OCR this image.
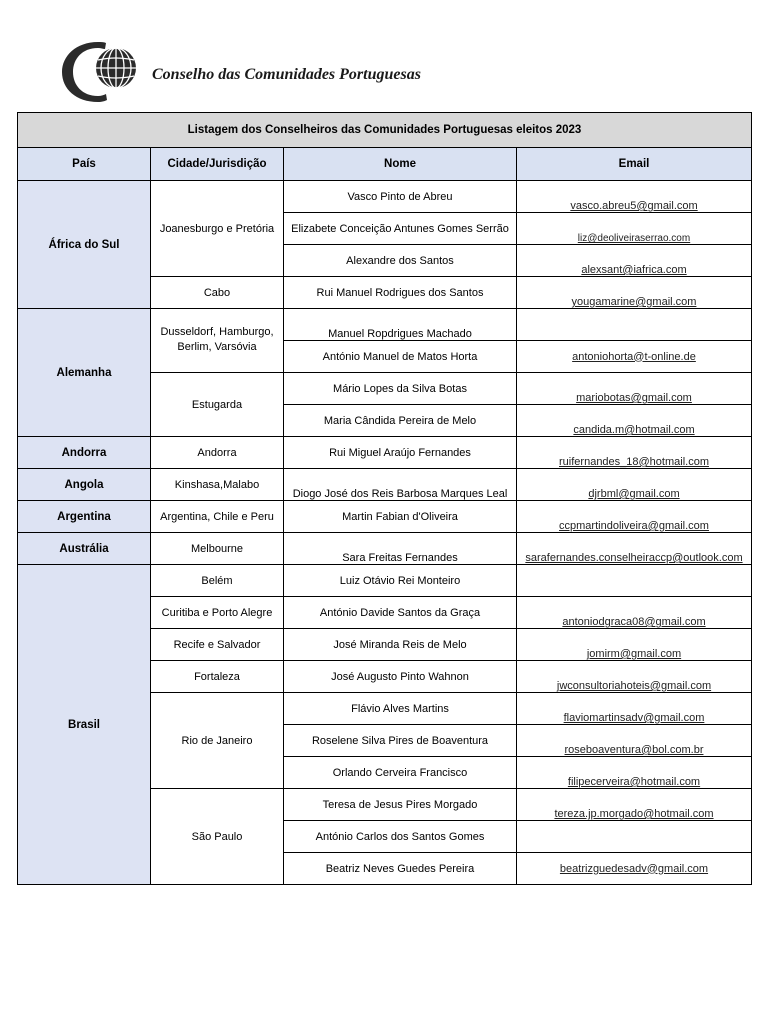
Conselho das Comunidades Portuguesas
Listagem dos Conselheiros das Comunidades Portuguesas eleitos 2023			
País	Cidade/Jurisdição	Nome	Email
África do Sul	Joanesburgo e Pretória	Vasco Pinto de Abreu	vasco.abreu5@gmail.com
		Elizabete Conceição Antunes Gomes Serrão	liz@deoliveiraserrao.com
		Alexandre dos Santos	alexsant@iafrica.com
	Cabo	Rui Manuel Rodrigues dos Santos	yougamarine@gmail.com
Alemanha	Dusseldorf, Hamburgo, Berlim, Varsóvia	Manuel Ropdrigues Machado	
		António Manuel de Matos Horta	antoniohorta@t-online.de
	Estugarda	Mário Lopes da Silva Botas	mariobotas@gmail.com
		Maria Cândida Pereira de Melo	candida.m@hotmail.com
Andorra	Andorra	Rui Miguel Araújo Fernandes	ruifernandes_18@hotmail.com
Angola	Kinshasa,Malabo	Diogo José dos Reis Barbosa Marques Leal	djrbml@gmail.com
Argentina	Argentina, Chile e Peru	Martin Fabian d'Oliveira	ccpmartindoliveira@gmail.com
Austrália	Melbourne	Sara Freitas Fernandes	sarafernandes.conselheiraccp@outlook.com
Brasil	Belém	Luiz Otávio Rei Monteiro	
	Curitiba e Porto Alegre	António Davide Santos da Graça	antoniodgraca08@gmail.com
	Recife e Salvador	José Miranda Reis de Melo	jomirm@gmail.com
	Fortaleza	José Augusto Pinto Wahnon	jwconsultoriahoteis@gmail.com
	Rio de Janeiro	Flávio Alves Martins	flaviomartinsadv@gmail.com
		Roselene Silva Pires de Boaventura	roseboaventura@bol.com.br
		Orlando Cerveira Francisco	filipecerveira@hotmail.com
	São Paulo	Teresa de Jesus Pires Morgado	tereza.jp.morgado@hotmail.com
		António Carlos dos Santos Gomes	
		Beatriz Neves Guedes Pereira	beatrizguedesadv@gmail.com
